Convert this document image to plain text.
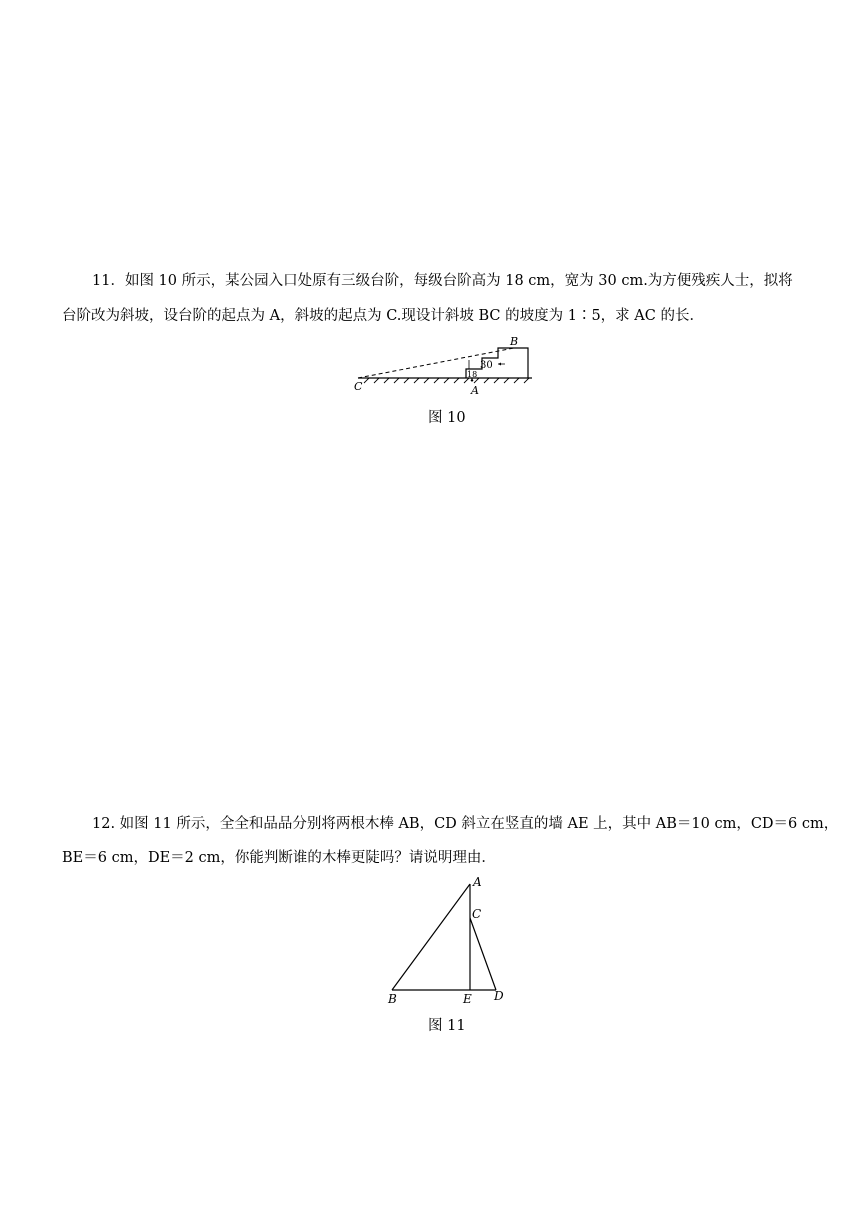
11．如图 10 所示，某公园入口处原有三级台阶，每级台阶高为 18 cm，宽为 30 cm.为方便残疾人士，拟将
台阶改为斜坡，设台阶的起点为 A，斜坡的起点为 C.现设计斜坡 BC 的坡度为 1∶5，求 AC 的长．
B
C	A
30
18
图 10
12. 如图 11 所示，全全和品品分别将两根木棒 AB，CD 斜立在竖直的墙 AE 上，其中 AB＝10 cm，CD＝6 cm，
BE＝6 cm，DE＝2 cm，你能判断谁的木棒更陡吗？请说明理由．
A
C
B	E D
图 11
